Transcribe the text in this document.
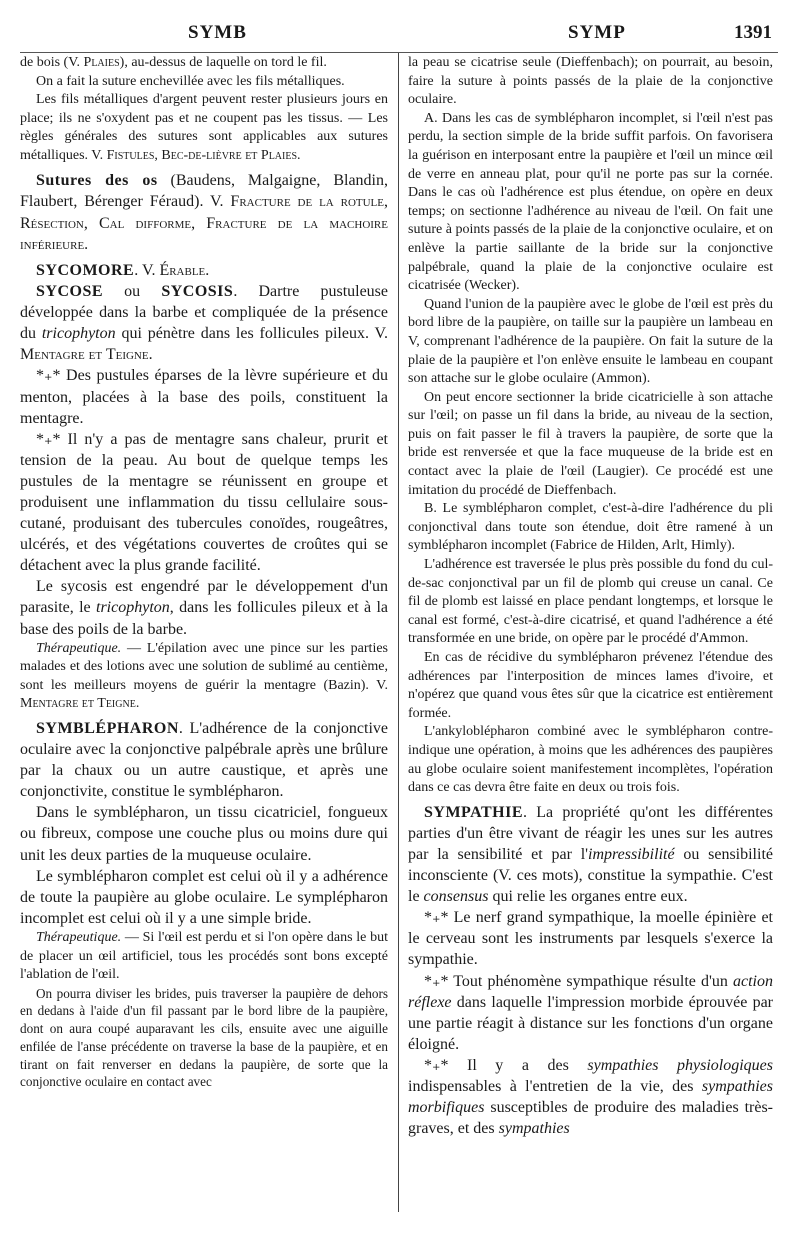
SYMB	SYMP	1391

de bois (V. Plaies), au-dessus de laquelle on tord le fil.

On a fait la suture enchevillée avec les fils métalliques.

Les fils métalliques d'argent peuvent rester plusieurs jours en place; ils ne s'oxydent pas et ne coupent pas les tissus. — Les règles générales des sutures sont applicables aux sutures métalliques. V. Fistules, Bec-de-lièvre et Plaies.

Sutures des os (Baudens, Malgaigne, Blandin, Flaubert, Bérenger Féraud). V. Fracture de la rotule, Résection, Cal difforme, Fracture de la machoire inférieure.

SYCOMORE. V. Érable.

SYCOSE ou SYCOSIS. Dartre pustuleuse développée dans la barbe et compliquée de la présence du tricophyton qui pénètre dans les follicules pileux. V. Mentagre et Teigne.

*₊* Des pustules éparses de la lèvre supérieure et du menton, placées à la base des poils, constituent la mentagre.

*₊* Il n'y a pas de mentagre sans chaleur, prurit et tension de la peau. Au bout de quelque temps les pustules de la mentagre se réunissent en groupe et produisent une inflammation du tissu cellulaire sous-cutané, produisant des tubercules conoïdes, rougeâtres, ulcérés, et des végétations couvertes de croûtes qui se détachent avec la plus grande facilité.

Le sycosis est engendré par le développement d'un parasite, le tricophyton, dans les follicules pileux et à la base des poils de la barbe.

Thérapeutique. — L'épilation avec une pince sur les parties malades et des lotions avec une solution de sublimé au centième, sont les meilleurs moyens de guérir la mentagre (Bazin). V. Mentagre et Teigne.

SYMBLÉPHARON. L'adhérence de la conjonctive oculaire avec la conjonctive palpébrale après une brûlure par la chaux ou un autre caustique, et après une conjonctivite, constitue le symblépharon.

Dans le symblépharon, un tissu cicatriciel, fongueux ou fibreux, compose une couche plus ou moins dure qui unit les deux parties de la muqueuse oculaire.

Le symblépharon complet est celui où il y a adhérence de toute la paupière au globe oculaire. Le symplépharon incomplet est celui où il y a une simple bride.

Thérapeutique. — Si l'œil est perdu et si l'on opère dans le but de placer un œil artificiel, tous les procédés sont bons excepté l'ablation de l'œil.

On pourra diviser les brides, puis traverser la paupière de dehors en dedans à l'aide d'un fil passant par le bord libre de la paupière, dont on aura coupé auparavant les cils, ensuite avec une aiguille enfilée de l'anse précédente on traverse la base de la paupière, et en tirant on fait renverser en dedans la paupière, de sorte que la conjonctive oculaire en contact avec

la peau se cicatrise seule (Dieffenbach); on pourrait, au besoin, faire la suture à points passés de la plaie de la conjonctive oculaire.

A. Dans les cas de symblépharon incomplet, si l'œil n'est pas perdu, la section simple de la bride suffit parfois. On favorisera la guérison en interposant entre la paupière et l'œil un mince œil de verre en anneau plat, pour qu'il ne porte pas sur la cornée. Dans le cas où l'adhérence est plus étendue, on opère en deux temps; on sectionne l'adhérence au niveau de l'œil. On fait une suture à points passés de la plaie de la conjonctive oculaire, et on enlève la partie saillante de la bride sur la conjonctive palpébrale, quand la plaie de la conjonctive oculaire est cicatrisée (Wecker).

Quand l'union de la paupière avec le globe de l'œil est près du bord libre de la paupière, on taille sur la paupière un lambeau en V, comprenant l'adhérence de la paupière. On fait la suture de la plaie de la paupière et l'on enlève ensuite le lambeau en coupant son attache sur le globe oculaire (Ammon).

On peut encore sectionner la bride cicatricielle à son attache sur l'œil; on passe un fil dans la bride, au niveau de la section, puis on fait passer le fil à travers la paupière, de sorte que la bride est renversée et que la face muqueuse de la bride est en contact avec la plaie de l'œil (Laugier). Ce procédé est une imitation du procédé de Dieffenbach.

B. Le symblépharon complet, c'est-à-dire l'adhérence du pli conjonctival dans toute son étendue, doit être ramené à un symblépharon incomplet (Fabrice de Hilden, Arlt, Himly).

L'adhérence est traversée le plus près possible du fond du cul-de-sac conjonctival par un fil de plomb qui creuse un canal. Ce fil de plomb est laissé en place pendant longtemps, et lorsque le canal est formé, c'est-à-dire cicatrisé, et quand l'adhérence a été transformée en une bride, on opère par le procédé d'Ammon.

En cas de récidive du symblépharon prévenez l'étendue des adhérences par l'interposition de minces lames d'ivoire, et n'opérez que quand vous êtes sûr que la cicatrice est entièrement formée.

L'ankyloblépharon combiné avec le symblépharon contre-indique une opération, à moins que les adhérences des paupières au globe oculaire soient manifestement incomplètes, l'opération dans ce cas devra être faite en deux ou trois fois.

SYMPATHIE. La propriété qu'ont les différentes parties d'un être vivant de réagir les unes sur les autres par la sensibilité et par l'impressibilité ou sensibilité inconsciente (V. ces mots), constitue la sympathie. C'est le consensus qui relie les organes entre eux.

*₊* Le nerf grand sympathique, la moelle épinière et le cerveau sont les instruments par lesquels s'exerce la sympathie.

*₊* Tout phénomène sympathique résulte d'un action réflexe dans laquelle l'impression morbide éprouvée par une partie réagit à distance sur les fonctions d'un organe éloigné.

*₊* Il y a des sympathies physiologiques indispensables à l'entretien de la vie, des sympathies morbifiques susceptibles de produire des maladies très-graves, et des sympathies
